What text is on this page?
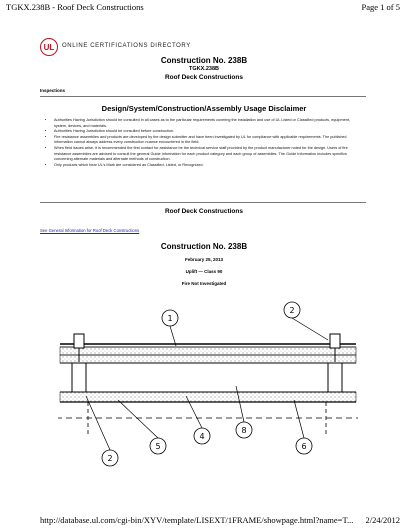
TGKX.238B - Roof Deck Constructions	Page 1 of 5
UL	ONLINE CERTIFICATIONS DIRECTORY
Construction No. 238B
TGKX.238B
Roof Deck Constructions
Inspections
Design/System/Construction/Assembly Usage Disclaimer
• Authorities Having Jurisdiction should be consulted in all cases as to the particular requirements covering the installation and use of UL Listed or Classified products, equipment, system, devices, and materials.
• Authorities Having Jurisdiction should be consulted before construction.
• Fire resistance assemblies and products are developed by the design submitter and have been investigated by UL for compliance with applicable requirements. The published information cannot always address every construction nuance encountered in the field.
• When field issues arise, it is recommended the first contact for assistance be the technical service staff provided by the product manufacturer noted for the design. Users of fire resistance assemblies are advised to consult the general Guide Information for each product category and each group of assemblies. The Guide Information includes specifics concerning alternate materials and alternate methods of construction.
• Only products which bear UL's Mark are considered as Classified, Listed, or Recognized.
Roof Deck Constructions
See General Information for Roof Deck Constructions
Construction No. 238B
February 25, 2013
Uplift — Class 90
Fire Not Investigated
1
2
2
5
4
8
6
http://database.ul.com/cgi-bin/XYV/template/LISEXT/1FRAME/showpage.html?name=T... 2/24/2012
